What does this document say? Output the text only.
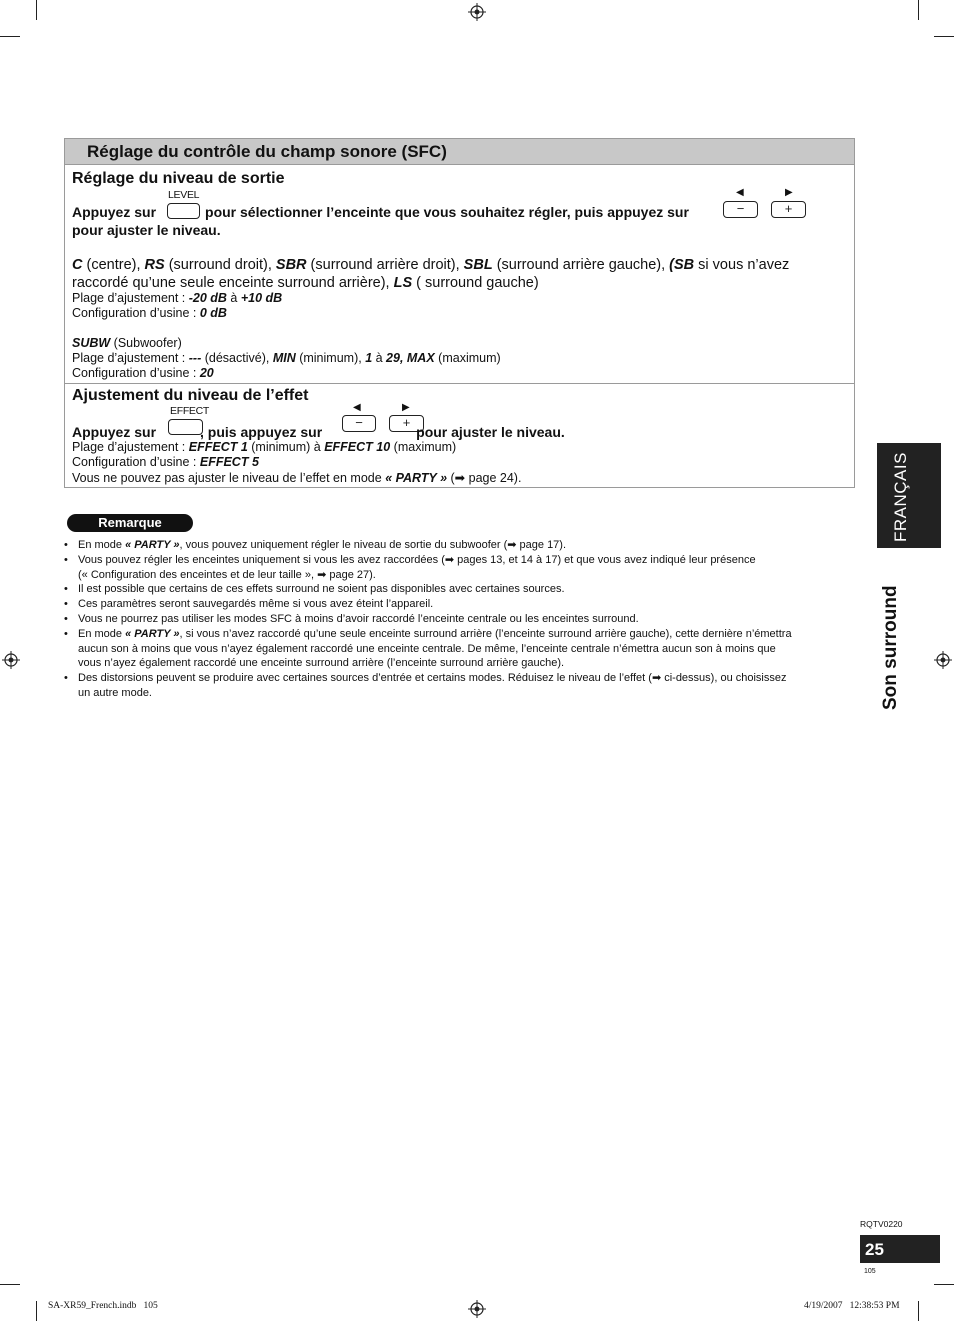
Réglage du contrôle du champ sonore (SFC)
Réglage du niveau de sortie
LEVEL	◀	▶
−	+
Appuyez sur	pour sélectionner l’enceinte que vous souhaitez régler, puis appuyez sur
pour ajuster le niveau.
C (centre), RS (surround droit), SBR (surround arrière droit), SBL (surround arrière gauche), (SB si vous n’avez
raccordé qu’une seule enceinte surround arrière), LS ( surround gauche)
Plage d’ajustement : -20 dB à +10 dB
Configuration d’usine : 0 dB
SUBW (Subwoofer)
Plage d’ajustement : --- (désactivé), MIN (minimum), 1 à 29, MAX (maximum)
Configuration d’usine : 20
Ajustement du niveau de l’effet
EFFECT	◀	▶
−	+
Appuyez sur	, puis appuyez sur	pour ajuster le niveau.
Plage d’ajustement : EFFECT 1 (minimum) à EFFECT 10 (maximum)
Configuration d’usine : EFFECT 5
Vous ne pouvez pas ajuster le niveau de l’effet en mode « PARTY » (➡ page 24).
Remarque
• En mode « PARTY », vous pouvez uniquement régler le niveau de sortie du subwoofer (➡ page 17).
• Vous pouvez régler les enceintes uniquement si vous les avez raccordées (➡ pages 13, et 14 à 17) et que vous avez indiqué leur présence
(« Configuration des enceintes et de leur taille », ➡ page 27).
• Il est possible que certains de ces effets surround ne soient pas disponibles avec certaines sources.
• Ces paramètres seront sauvegardés même si vous avez éteint l’appareil.
• Vous ne pourrez pas utiliser les modes SFC à moins d’avoir raccordé l’enceinte centrale ou les enceintes surround.
• En mode « PARTY », si vous n’avez raccordé qu’une seule enceinte surround arrière (l’enceinte surround arrière gauche), cette dernière n’émettra
aucun son à moins que vous n’ayez également raccordé une enceinte centrale. De même, l’enceinte centrale n’émettra aucun son à moins que
vous n’ayez également raccordé une enceinte surround arrière (l’enceinte surround arrière gauche).
• Des distorsions peuvent se produire avec certaines sources d’entrée et certains modes. Réduisez le niveau de l’effet (➡ ci-dessus), ou choisissez
un autre mode.
FRANÇAIS
Son surround
RQTV0220
25
105
SA-XR59_French.indb   105	4/19/2007   12:38:53 PM
